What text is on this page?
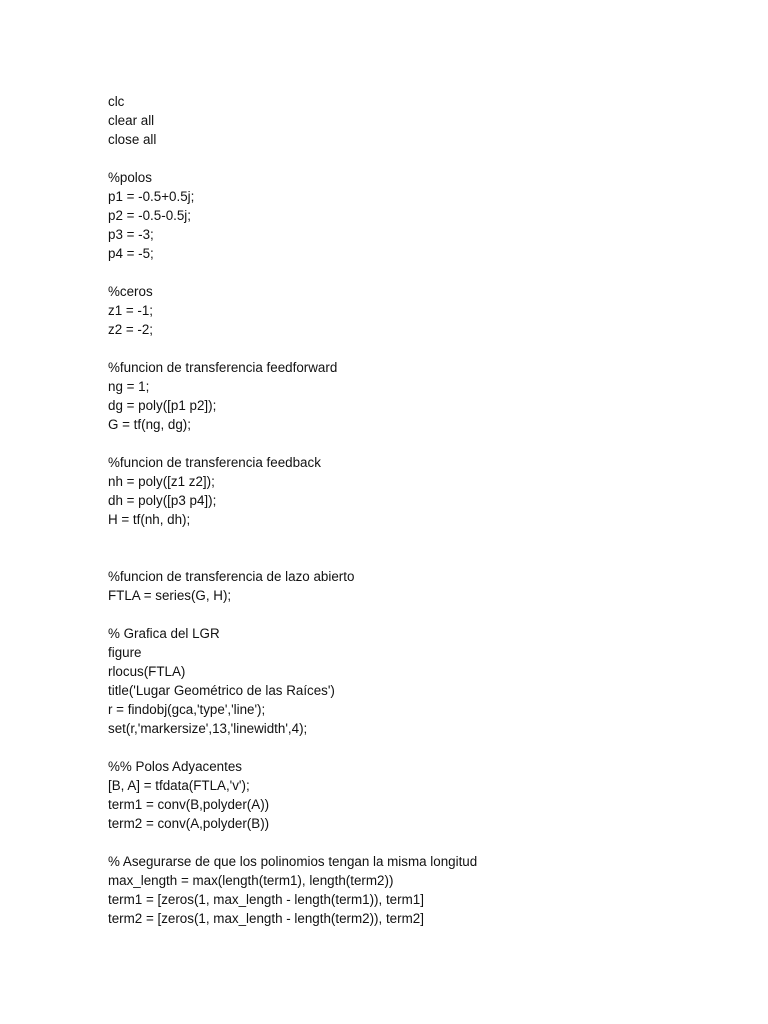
clc
clear all
close all
%polos
p1 = -0.5+0.5j;
p2 = -0.5-0.5j;
p3 = -3;
p4 = -5;
%ceros
z1 = -1;
z2 = -2;
%funcion de transferencia feedforward
ng = 1;
dg = poly([p1 p2]);
G = tf(ng, dg);
%funcion de transferencia feedback
nh = poly([z1 z2]);
dh = poly([p3 p4]);
H = tf(nh, dh);
%funcion de transferencia de lazo abierto
FTLA = series(G, H);
% Grafica del LGR
figure
rlocus(FTLA)
title('Lugar Geométrico de las Raíces')
r = findobj(gca,'type','line');
set(r,'markersize',13,'linewidth',4);
%% Polos Adyacentes
[B, A] = tfdata(FTLA,'v');
term1 = conv(B,polyder(A))
term2 = conv(A,polyder(B))
% Asegurarse de que los polinomios tengan la misma longitud
max_length = max(length(term1), length(term2))
term1 = [zeros(1, max_length - length(term1)), term1]
term2 = [zeros(1, max_length - length(term2)), term2]
